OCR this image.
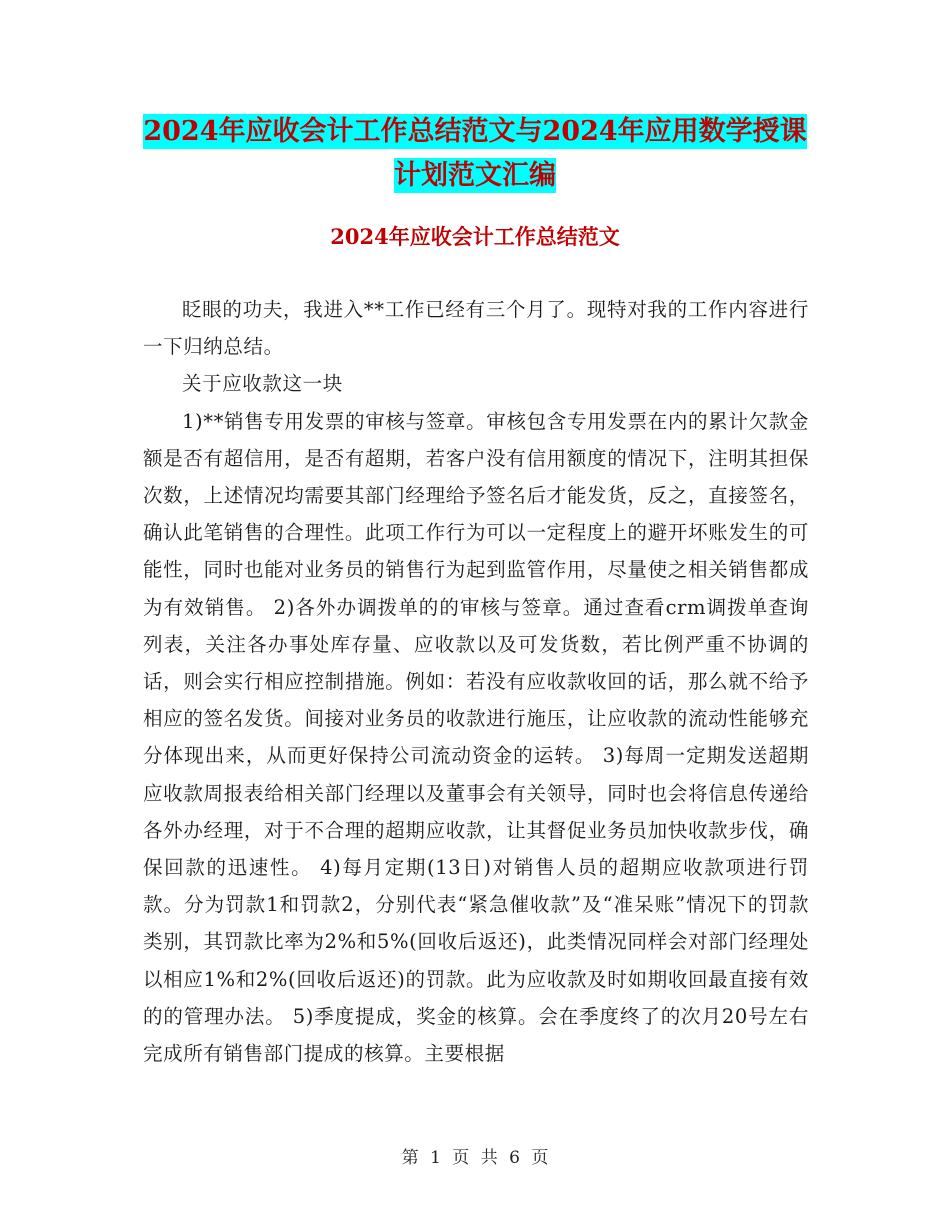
2024年应收会计工作总结范文与2024年应用数学授课
计划范文汇编
2024年应收会计工作总结范文

眨眼的功夫，我进入**工作已经有三个月了。现特对我的工作内容进行一下归纳总结。

关于应收款这一块

1)**销售专用发票的审核与签章。审核包含专用发票在内的累计欠款金额是否有超信用，是否有超期，若客户没有信用额度的情况下，注明其担保次数，上述情况均需要其部门经理给予签名后才能发货，反之，直接签名，确认此笔销售的合理性。此项工作行为可以一定程度上的避开坏账发生的可能性，同时也能对业务员的销售行为起到监管作用，尽量使之相关销售都成为有效销售。 2)各外办调拨单的的审核与签章。通过查看crm调拨单查询列表，关注各办事处库存量、应收款以及可发货数，若比例严重不协调的话，则会实行相应控制措施。例如：若没有应收款收回的话，那么就不给予相应的签名发货。间接对业务员的收款进行施压，让应收款的流动性能够充分体现出来，从而更好保持公司流动资金的运转。 3)每周一定期发送超期应收款周报表给相关部门经理以及董事会有关领导，同时也会将信息传递给各外办经理，对于不合理的超期应收款，让其督促业务员加快收款步伐，确保回款的迅速性。 4)每月定期(13日)对销售人员的超期应收款项进行罚款。分为罚款1和罚款2，分别代表“紧急催收款”及“准呆账”情况下的罚款类别，其罚款比率为2%和5%(回收后返还)，此类情况同样会对部门经理处以相应1%和2%(回收后返还)的罚款。此为应收款及时如期收回最直接有效的的管理办法。 5)季度提成，奖金的核算。会在季度终了的次月20号左右完成所有销售部门提成的核算。主要根据

第 1 页 共 6 页
